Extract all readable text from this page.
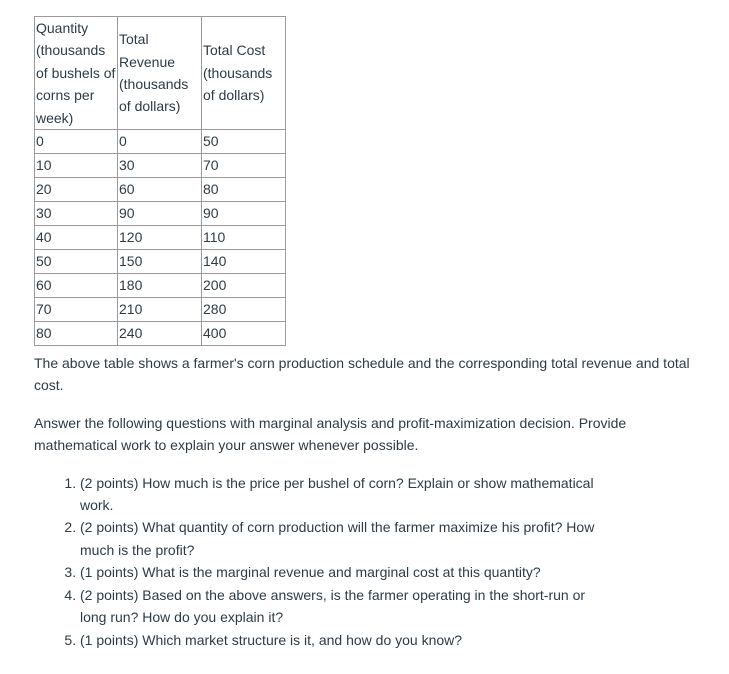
Quantity (thousands of bushels of corns per week)	Total Revenue (thousands of dollars)	Total Cost (thousands of dollars)
0	0	50
10	30	70
20	60	80
30	90	90
40	120	110
50	150	140
60	180	200
70	210	280
80	240	400

The above table shows a farmer's corn production schedule and the corresponding total revenue and total cost.

Answer the following questions with marginal analysis and profit-maximization decision. Provide mathematical work to explain your answer whenever possible.

1. (2 points) How much is the price per bushel of corn? Explain or show mathematical work.
2. (2 points) What quantity of corn production will the farmer maximize his profit? How much is the profit?
3. (1 points) What is the marginal revenue and marginal cost at this quantity?
4. (2 points) Based on the above answers, is the farmer operating in the short-run or long run? How do you explain it?
5. (1 points) Which market structure is it, and how do you know?
